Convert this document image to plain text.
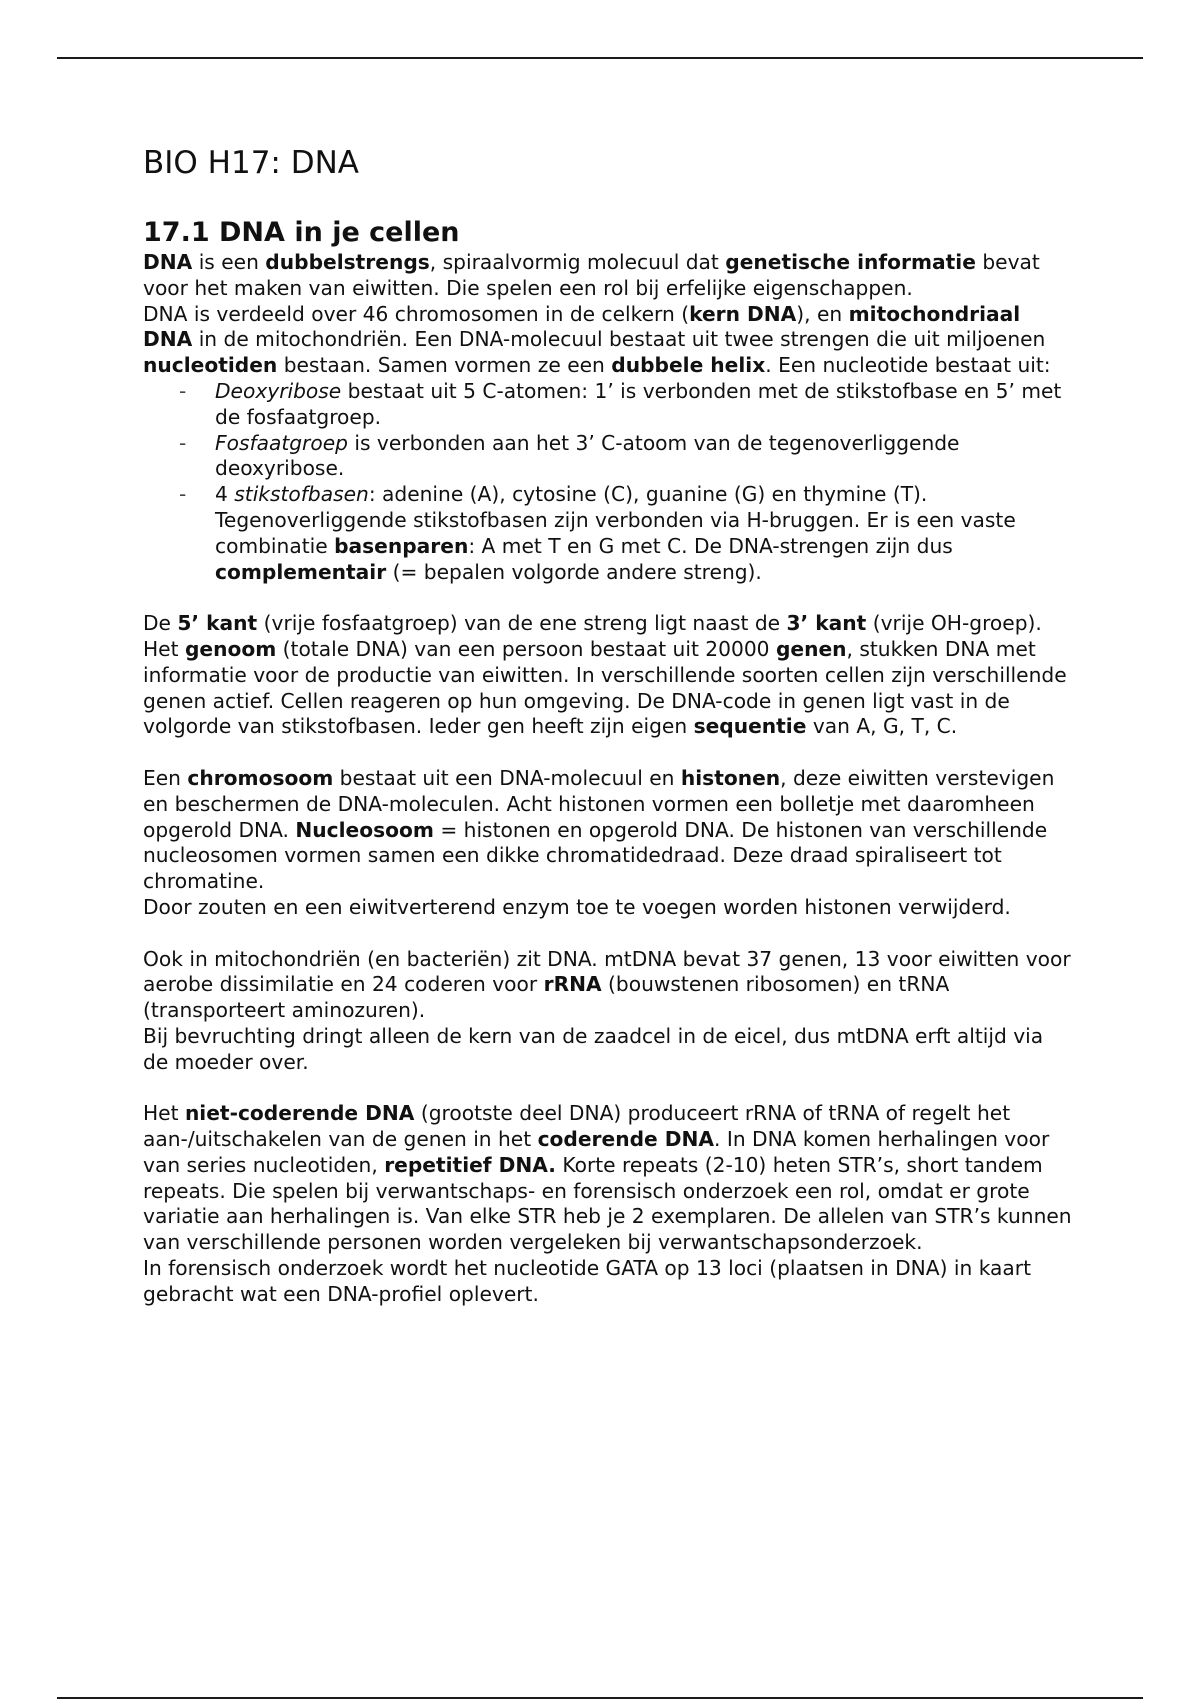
BIO H17: DNA
17.1 DNA in je cellen

DNA is een dubbelstrengs, spiraalvormig molecuul dat genetische informatie bevat voor het maken van eiwitten. Die spelen een rol bij erfelijke eigenschappen.

DNA is verdeeld over 46 chromosomen in de celkern (kern DNA), en mitochondriaal DNA in de mitochondriën. Een DNA-molecuul bestaat uit twee strengen die uit miljoenen nucleotiden bestaan. Samen vormen ze een dubbele helix. Een nucleotide bestaat uit:

- Deoxyribose bestaat uit 5 C-atomen: 1’ is verbonden met de stikstofbase en 5’ met de fosfaatgroep.
- Fosfaatgroep is verbonden aan het 3’ C-atoom van de tegenoverliggende deoxyribose.
- 4 stikstofbasen: adenine (A), cytosine (C), guanine (G) en thymine (T). Tegenoverliggende stikstofbasen zijn verbonden via H-bruggen. Er is een vaste combinatie basenparen: A met T en G met C. De DNA-strengen zijn dus complementair (= bepalen volgorde andere streng).

De 5’ kant (vrije fosfaatgroep) van de ene streng ligt naast de 3’ kant (vrije OH-groep).

Het genoom (totale DNA) van een persoon bestaat uit 20000 genen, stukken DNA met informatie voor de productie van eiwitten. In verschillende soorten cellen zijn verschillende genen actief. Cellen reageren op hun omgeving. De DNA-code in genen ligt vast in de volgorde van stikstofbasen. Ieder gen heeft zijn eigen sequentie van A, G, T, C.

Een chromosoom bestaat uit een DNA-molecuul en histonen, deze eiwitten verstevigen en beschermen de DNA-moleculen. Acht histonen vormen een bolletje met daaromheen opgerold DNA. Nucleosoom = histonen en opgerold DNA. De histonen van verschillende nucleosomen vormen samen een dikke chromatidedraad. Deze draad spiraliseert tot chromatine.

Door zouten en een eiwitverterend enzym toe te voegen worden histonen verwijderd.

Ook in mitochondriën (en bacteriën) zit DNA. mtDNA bevat 37 genen, 13 voor eiwitten voor aerobe dissimilatie en 24 coderen voor rRNA (bouwstenen ribosomen) en tRNA (transporteert aminozuren).

Bij bevruchting dringt alleen de kern van de zaadcel in de eicel, dus mtDNA erft altijd via de moeder over.

Het niet-coderende DNA (grootste deel DNA) produceert rRNA of tRNA of regelt het aan-/uitschakelen van de genen in het coderende DNA. In DNA komen herhalingen voor van series nucleotiden, repetitief DNA. Korte repeats (2-10) heten STR’s, short tandem repeats. Die spelen bij verwantschaps- en forensisch onderzoek een rol, omdat er grote variatie aan herhalingen is. Van elke STR heb je 2 exemplaren. De allelen van STR’s kunnen van verschillende personen worden vergeleken bij verwantschapsonderzoek.

In forensisch onderzoek wordt het nucleotide GATA op 13 loci (plaatsen in DNA) in kaart gebracht wat een DNA-profiel oplevert.
